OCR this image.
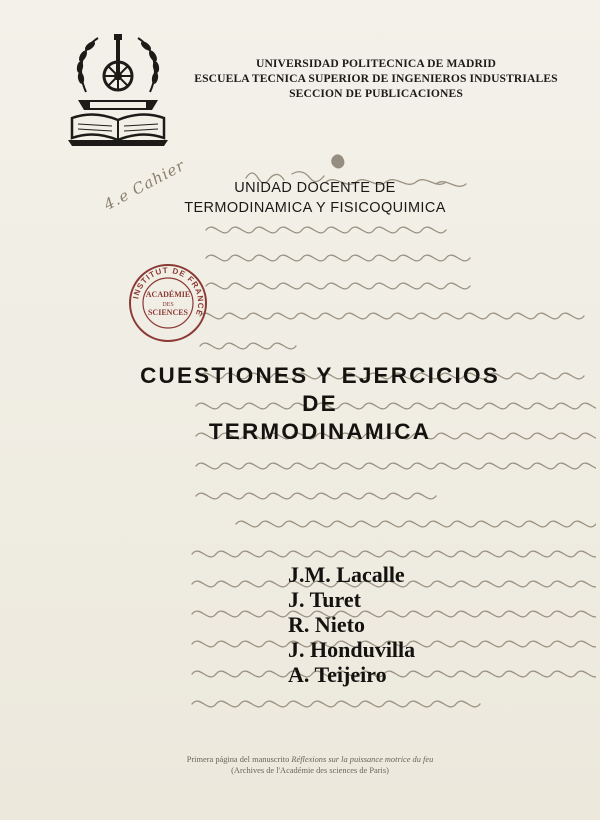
UNIVERSIDAD POLITECNICA DE MADRID
ESCUELA TECNICA SUPERIOR DE INGENIEROS INDUSTRIALES
SECCION DE PUBLICACIONES
4.e Cahier
INSTITUT DE FRANCE
ACADÉMIE
DES
SCIENCES
UNIDAD DOCENTE DE
TERMODINAMICA Y FISICOQUIMICA
CUESTIONES Y EJERCICIOS
DE
TERMODINAMICA
J.M. Lacalle
J. Turet
R. Nieto
J. Honduvilla
A. Teijeiro
Primera página del manuscrito Réflexions sur la puissance motrice du feu
(Archives de l'Académie des sciences de Paris)
